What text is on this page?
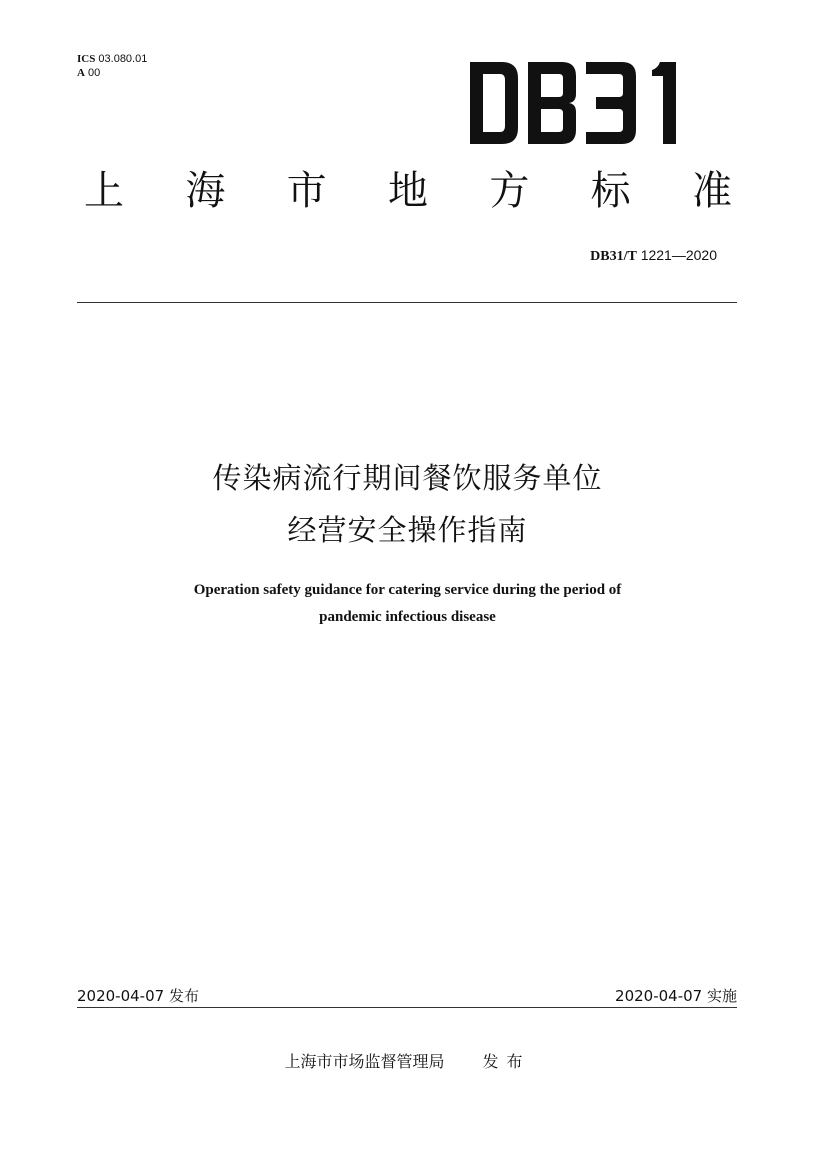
ICS 03.080.01
A 00
上 海 市 地 方 标 准
DB31/T 1221—2020
传染病流行期间餐饮服务单位
经营安全操作指南
Operation safety guidance for catering service during the period of
pandemic infectious disease
2020-04-07 发布	2020-04-07 实施
上海市市场监督管理局 发布
